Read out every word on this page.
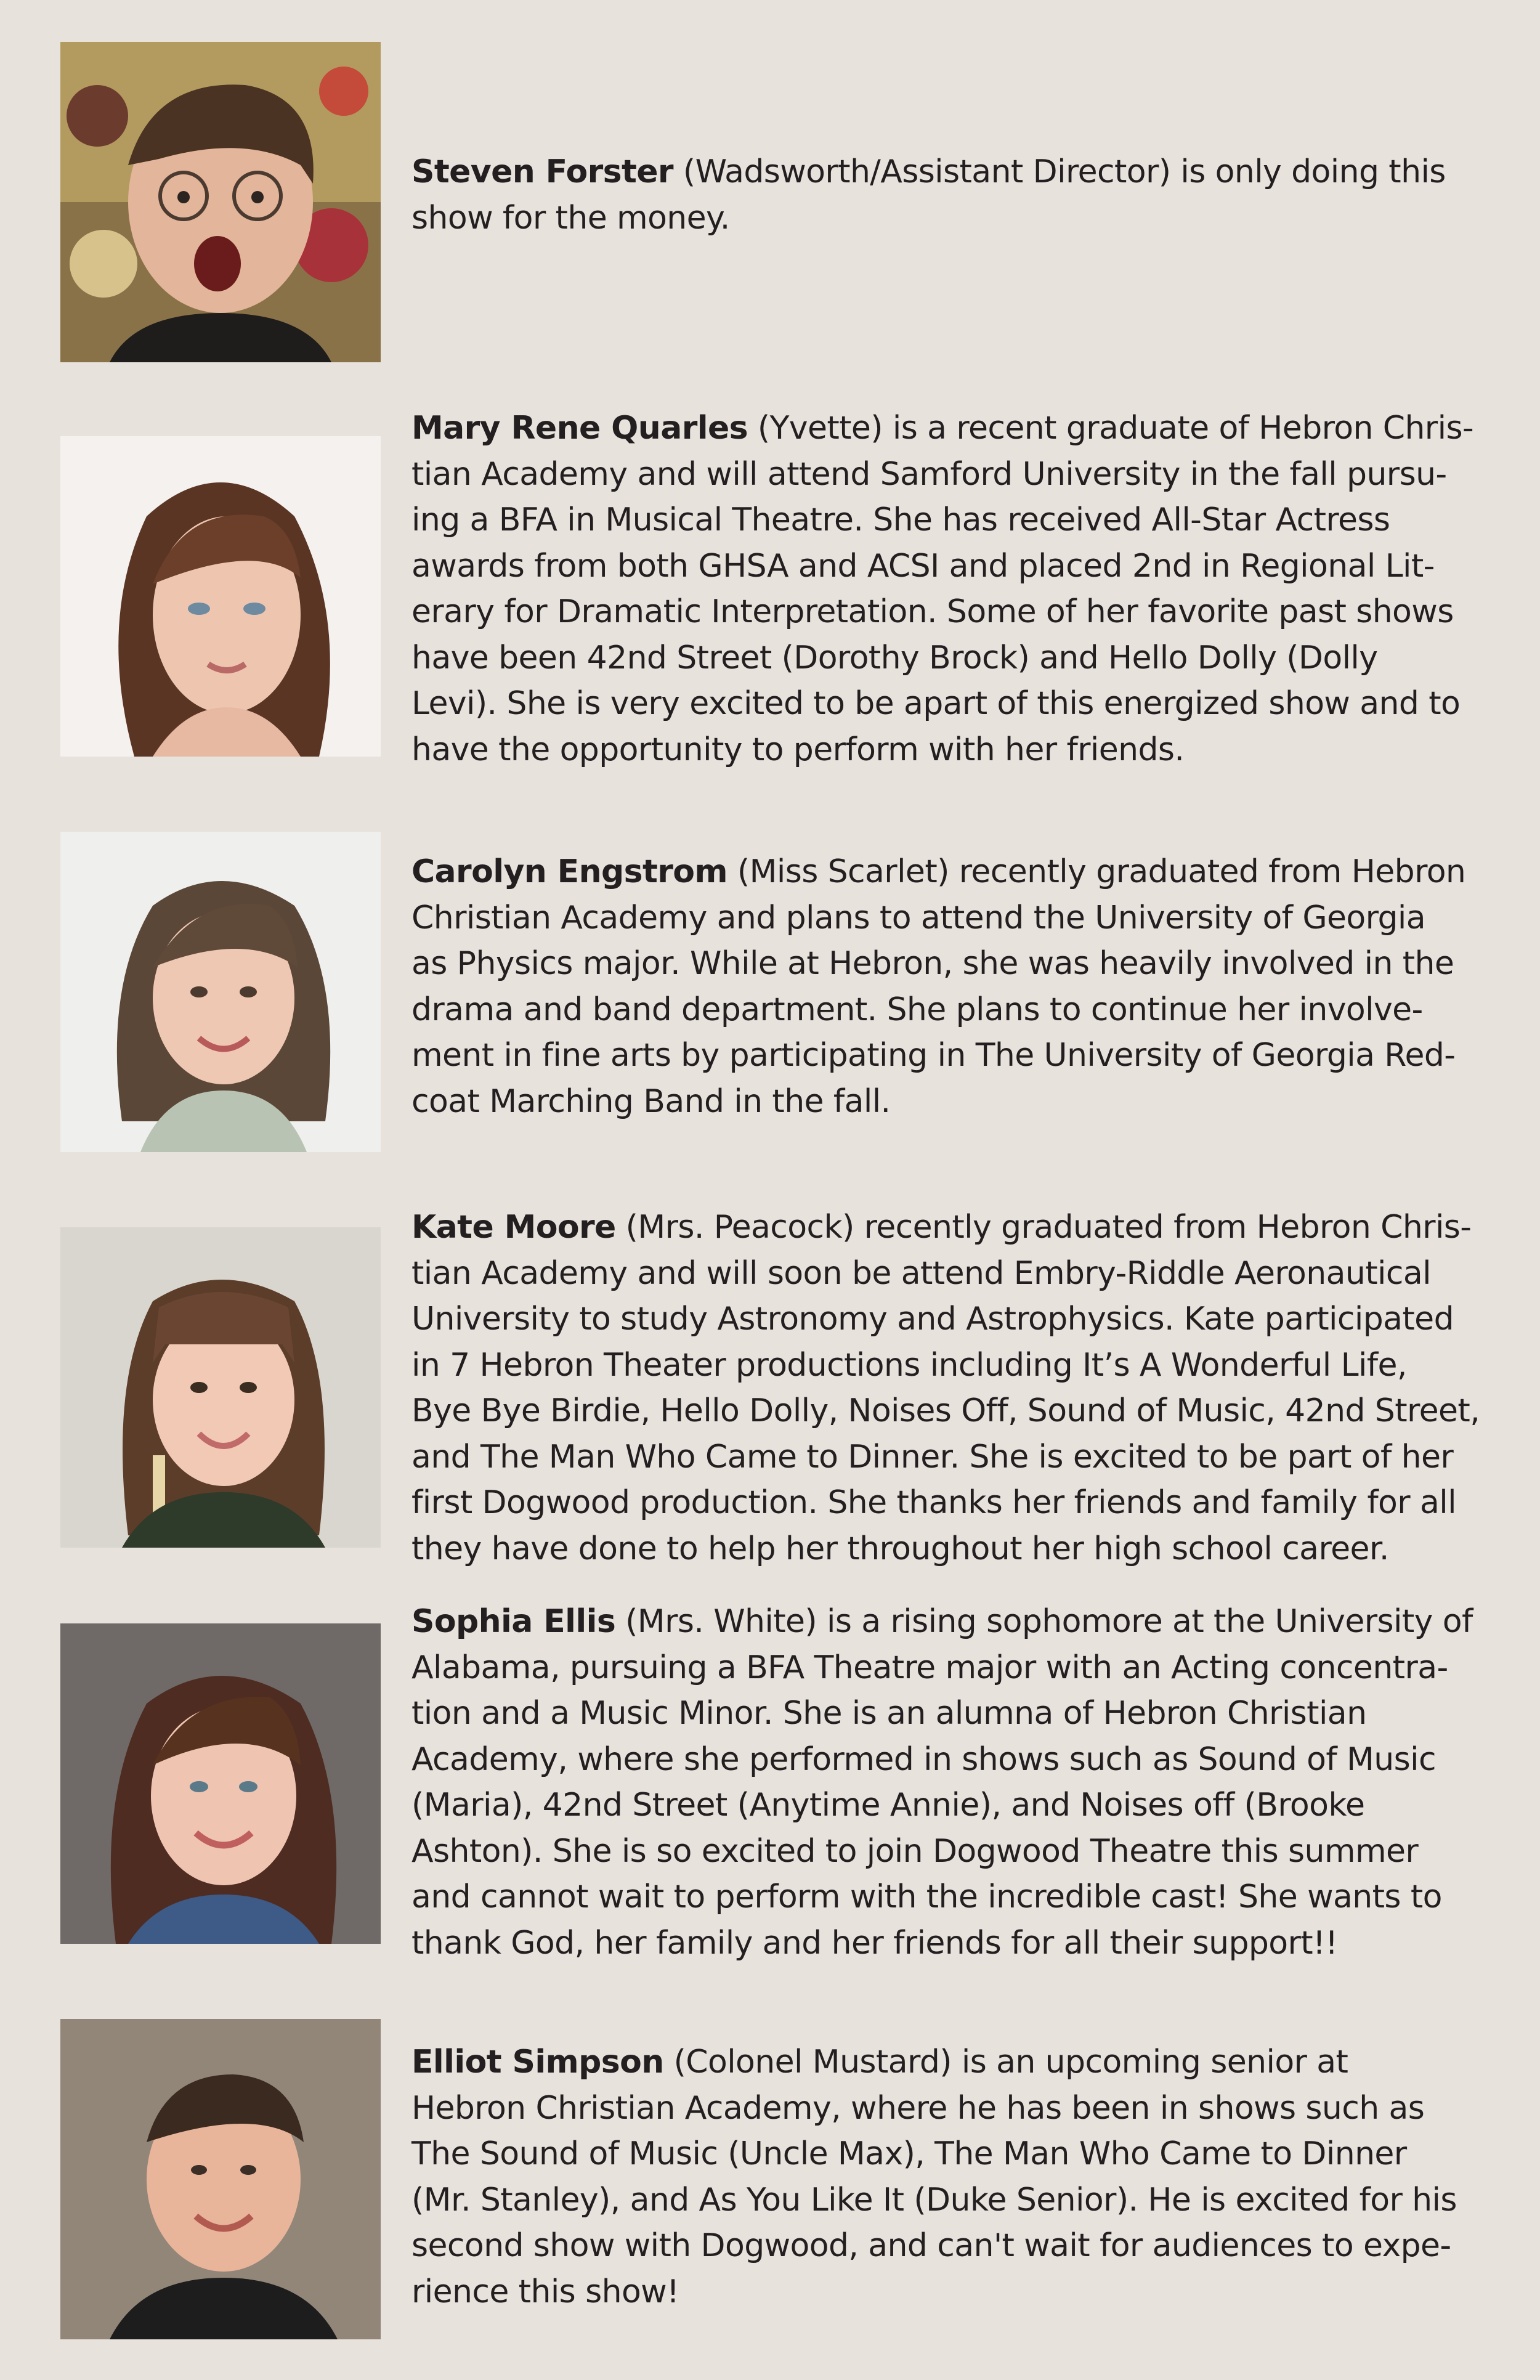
Steven Forster (Wadsworth/Assistant Director) is only doing this
show for the money.
Mary Rene Quarles (Yvette) is a recent graduate of Hebron Chris-
tian Academy and will attend Samford University in the fall pursu-
ing a BFA in Musical Theatre. She has received All-Star Actress
awards from both GHSA and ACSI and placed 2nd in Regional Lit-
erary for Dramatic Interpretation. Some of her favorite past shows
have been 42nd Street (Dorothy Brock) and Hello Dolly (Dolly
Levi). She is very excited to be apart of this energized show and to
have the opportunity to perform with her friends.
Carolyn Engstrom (Miss Scarlet) recently graduated from Hebron
Christian Academy and plans to attend the University of Georgia
as Physics major. While at Hebron, she was heavily involved in the
drama and band department. She plans to continue her involve-
ment in fine arts by participating in The University of Georgia Red-
coat Marching Band in the fall.
Kate Moore (Mrs. Peacock) recently graduated from Hebron Chris-
tian Academy and will soon be attend Embry-Riddle Aeronautical
University to study Astronomy and Astrophysics. Kate participated
in 7 Hebron Theater productions including It’s A Wonderful Life,
Bye Bye Birdie, Hello Dolly, Noises Off, Sound of Music, 42nd Street,
and The Man Who Came to Dinner. She is excited to be part of her
first Dogwood production. She thanks her friends and family for all
they have done to help her throughout her high school career.
Sophia Ellis (Mrs. White) is a rising sophomore at the University of
Alabama, pursuing a BFA Theatre major with an Acting concentra-
tion and a Music Minor. She is an alumna of Hebron Christian
Academy, where she performed in shows such as Sound of Music
(Maria), 42nd Street (Anytime Annie), and Noises off (Brooke
Ashton). She is so excited to join Dogwood Theatre this summer
and cannot wait to perform with the incredible cast! She wants to
thank God, her family and her friends for all their support!!
Elliot Simpson (Colonel Mustard) is an upcoming senior at
Hebron Christian Academy, where he has been in shows such as
The Sound of Music (Uncle Max), The Man Who Came to Dinner
(Mr. Stanley), and As You Like It (Duke Senior). He is excited for his
second show with Dogwood, and can't wait for audiences to expe-
rience this show!
